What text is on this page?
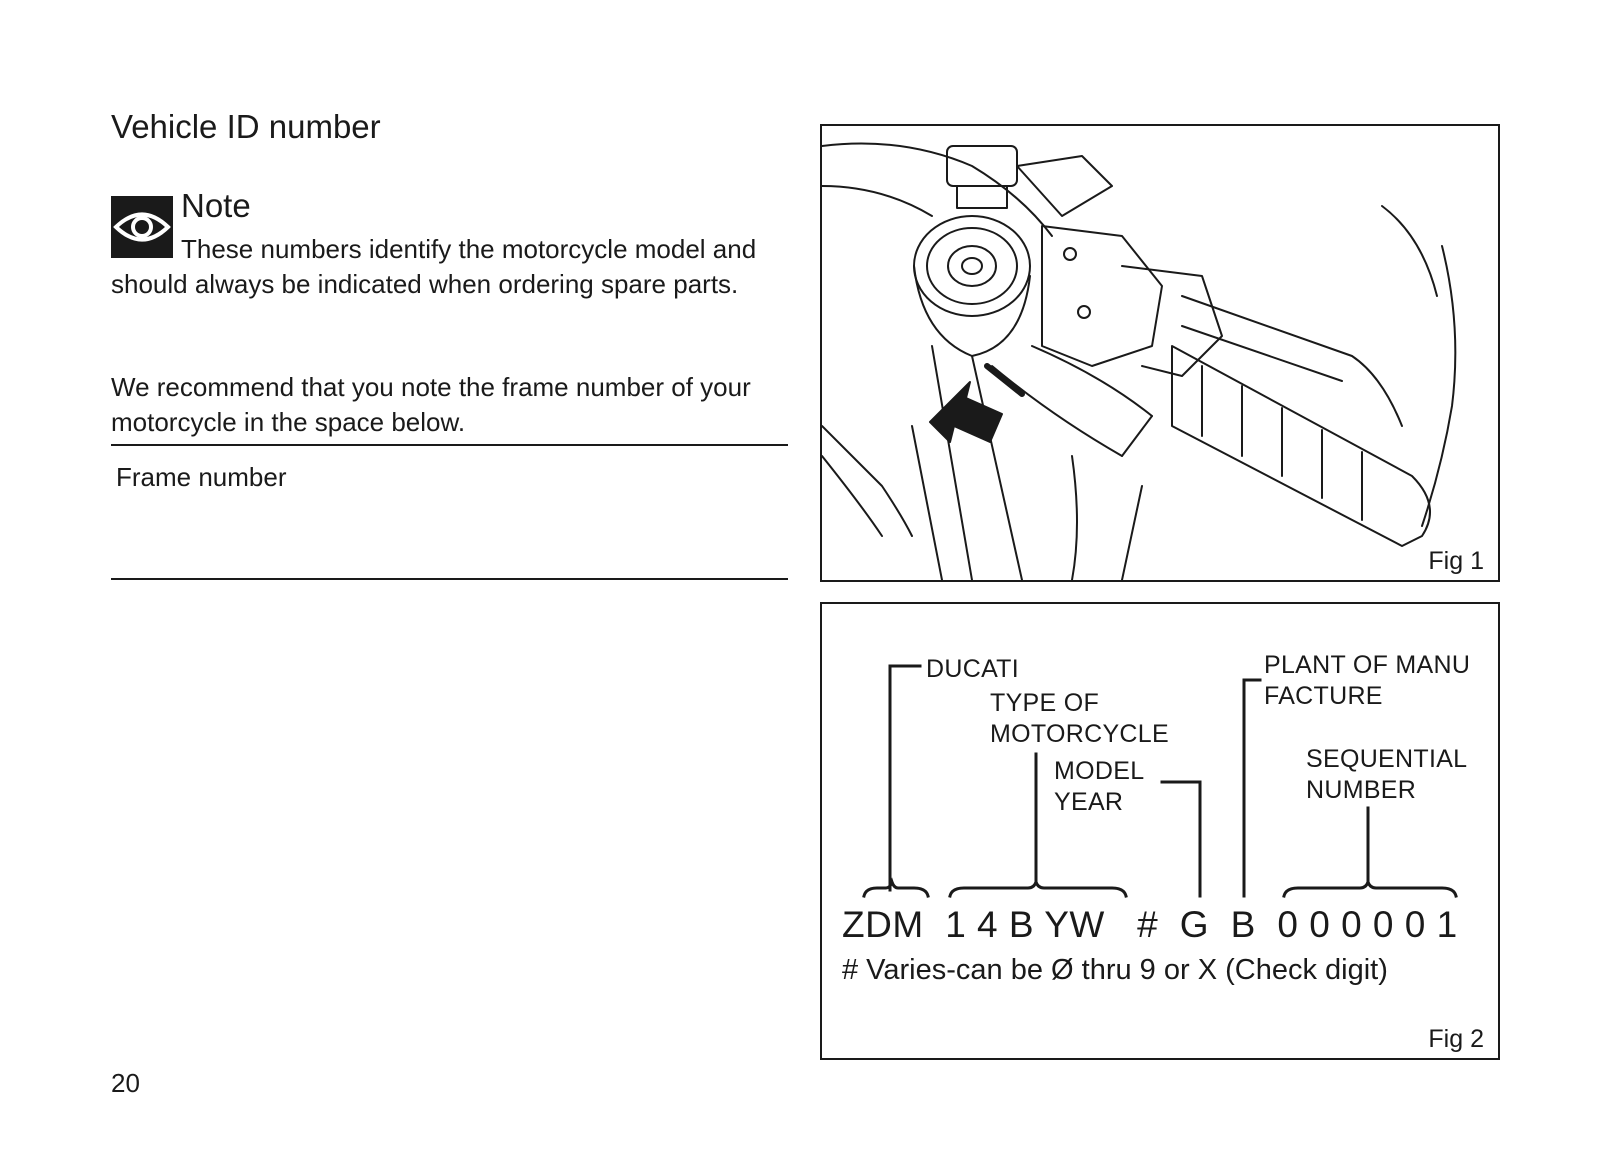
Vehicle ID number
Note

These numbers identify the motorcycle model and should always be indicated when ordering spare parts.

We recommend that you note the frame number of your motorcycle in the space below.

Frame number
20
Fig 1
DUCATI
TYPE OF MOTORCYCLE
MODEL YEAR
PLANT OF MANU FACTURE
SEQUENTIAL NUMBER
ZDM  1 4 B YW   #  G  B  0 0 0 0 0 1
# Varies-can be Ø thru 9 or X (Check digit)
Fig 2
